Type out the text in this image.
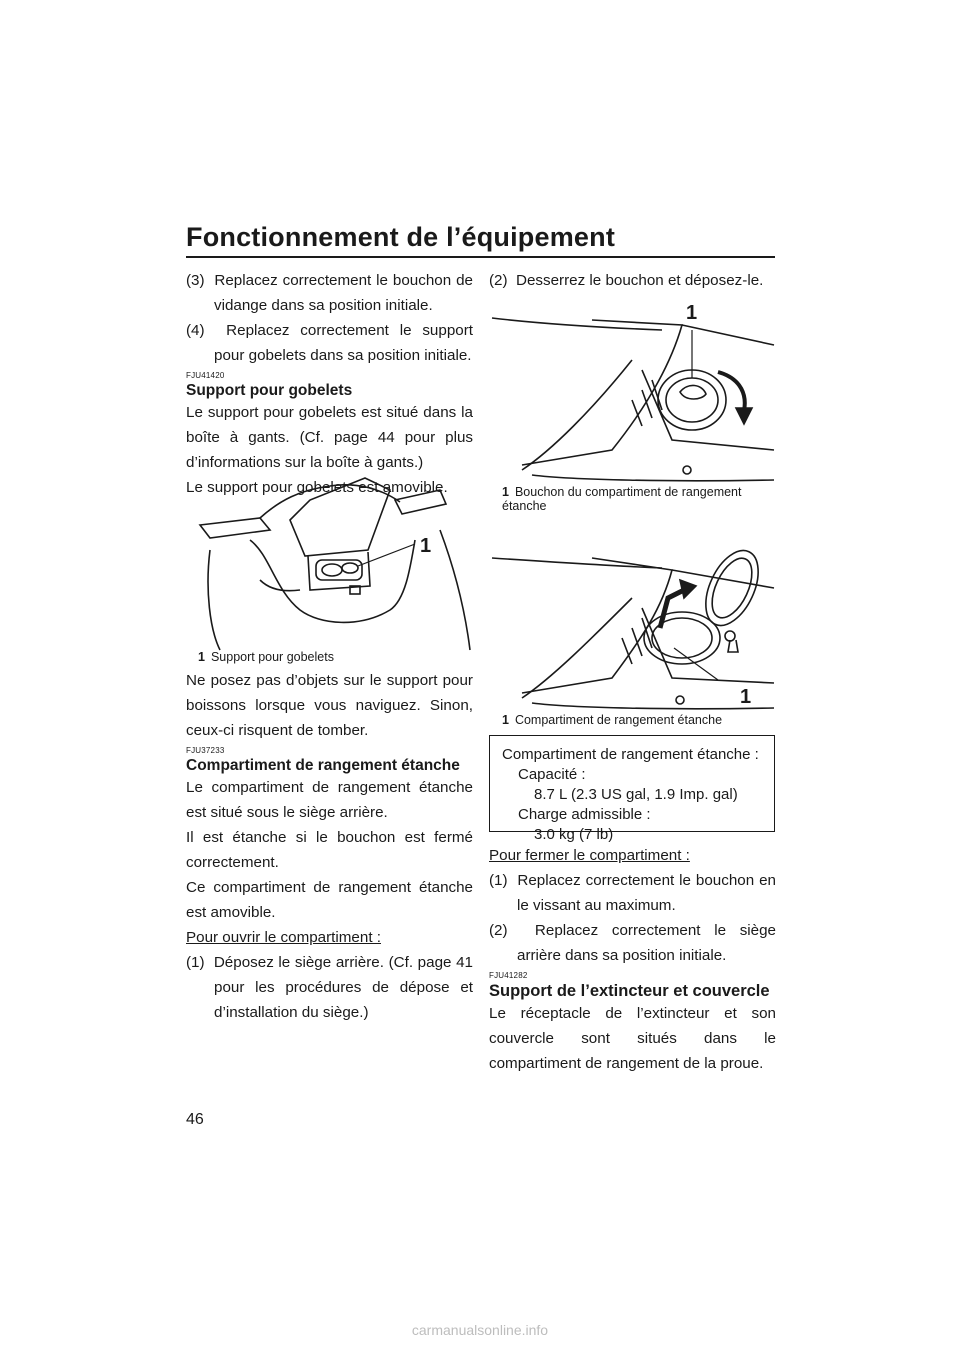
Fonctionnement de l’équipement

(3)  Replacez correctement le bouchon de vidange dans sa position initiale.

(4)  Replacez correctement le support pour gobelets dans sa position initiale.

FJU41420
Support pour gobelets

Le support pour gobelets est situé dans la boîte à gants. (Cf. page 44 pour plus d’informations sur la boîte à gants.)

Le support pour gobelets est amovible.

1
1 Support pour gobelets

Ne posez pas d’objets sur le support pour boissons lorsque vous naviguez. Sinon, ceux-ci risquent de tomber.

FJU37233
Compartiment de rangement étanche

Le compartiment de rangement étanche est situé sous le siège arrière.

Il est étanche si le bouchon est fermé correctement.

Ce compartiment de rangement étanche est amovible.

Pour ouvrir le compartiment :

(1)  Déposez le siège arrière. (Cf. page 41 pour les procédures de dépose et d’installation du siège.)

(2)  Desserrez le bouchon et déposez-le.

1
1 Bouchon du compartiment de rangement étanche
1
1 Compartiment de rangement étanche
Compartiment de rangement étanche :
Capacité :
8.7 L (2.3 US gal, 1.9 Imp. gal)
Charge admissible :
3.0 kg (7 lb)

Pour fermer le compartiment :

(1)  Replacez correctement le bouchon en le vissant au maximum.

(2)  Replacez correctement le siège arrière dans sa position initiale.

FJU41282
Support de l’extincteur et couvercle

Le réceptacle de l’extincteur et son couvercle sont situés dans le compartiment de rangement de la proue.

46
carmanualsonline.info
